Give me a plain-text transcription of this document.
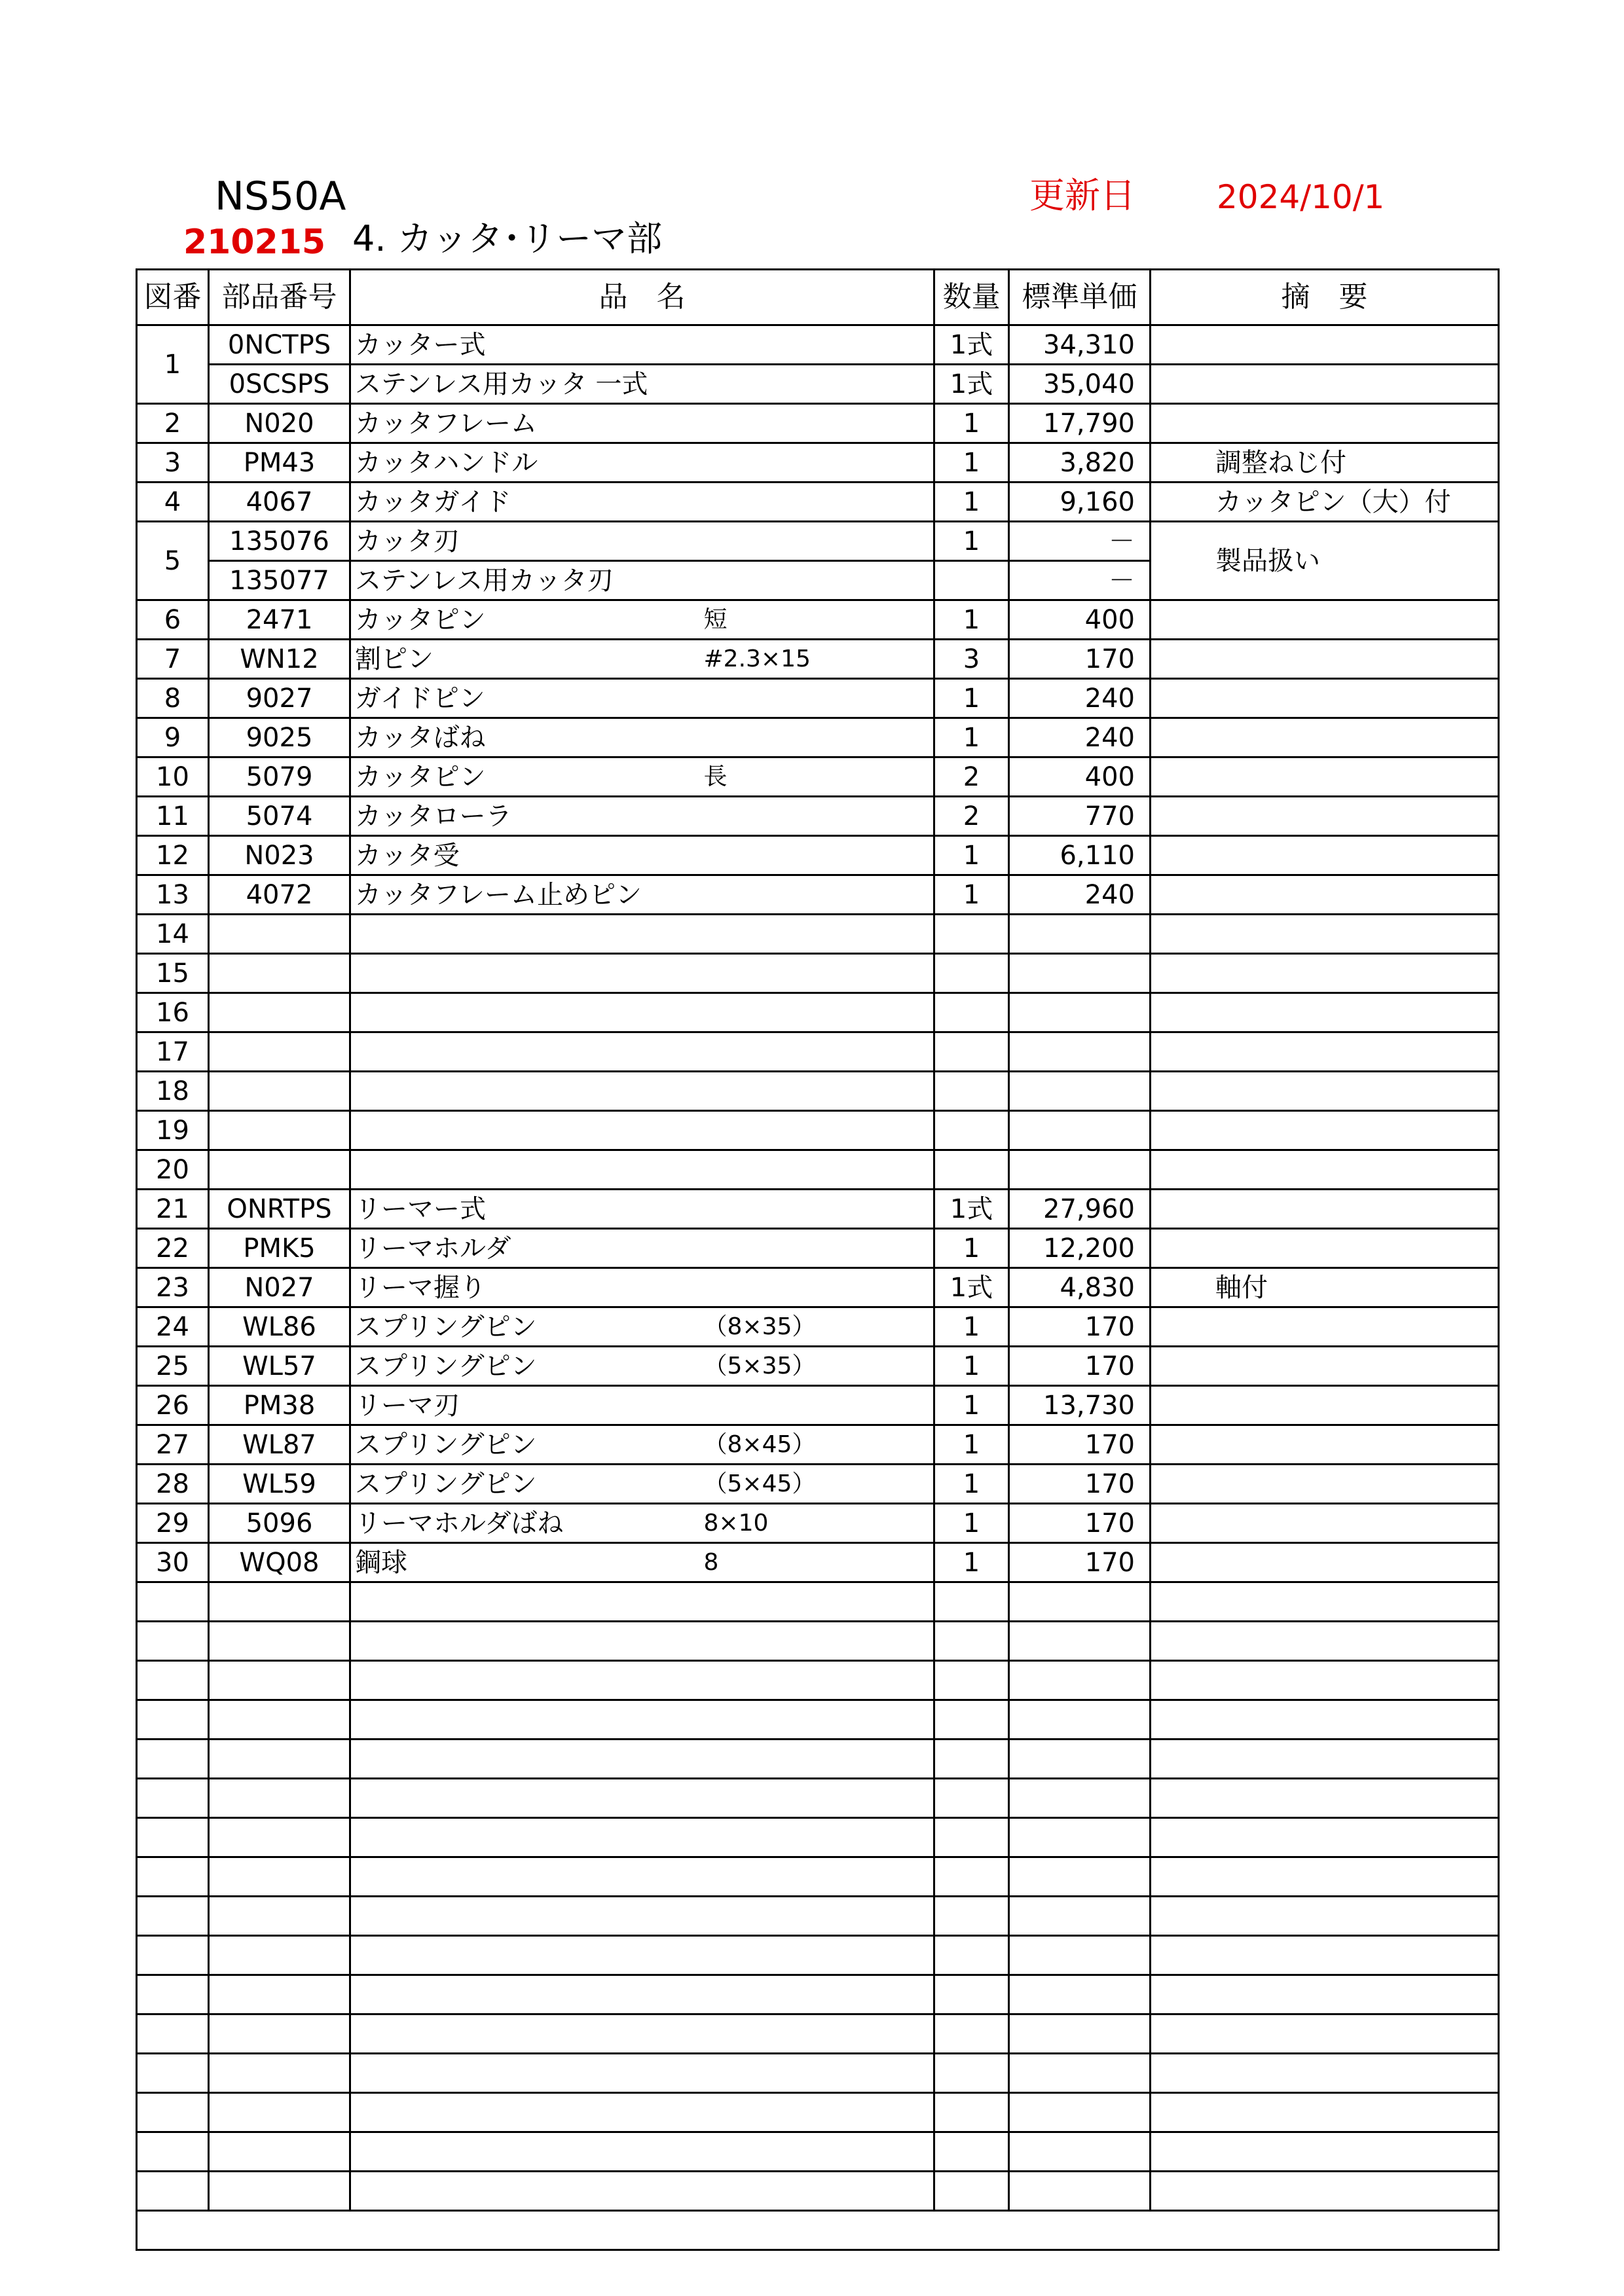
NS50A	更新日 2024/10/1
210215 4. カッタ･リーマ部
図番	部品番号	品　名		数量	標準単価	摘　要
1	0NCTPS	カッター式		1式	34,310	
	0SCSPS	ステンレス用カッタ 一式		1式	35,040	
2	N020	カッタフレーム		1	17,790	
3	PM43	カッタハンドル		1	3,820	調整ねじ付
4	4067	カッタガイド		1	9,160	カッタピン（大）付
5	135076	カッタ刃		1	－	製品扱い
	135077	ステンレス用カッタ刃			－	
6	2471	カッタピン	短	1	400	
7	WN12	割ピン	#2.3×15	3	170	
8	9027	ガイドピン		1	240	
9	9025	カッタばね		1	240	
10	5079	カッタピン	長	2	400	
11	5074	カッタローラ		2	770	
12	N023	カッタ受		1	6,110	
13	4072	カッタフレーム止めピン		1	240	
14						
15						
16						
17						
18						
19						
20						
21	ONRTPS	リーマー式		1式	27,960	
22	PMK5	リーマホルダ		1	12,200	
23	N027	リーマ握り		1式	4,830	軸付
24	WL86	スプリングピン	（8×35）	1	170	
25	WL57	スプリングピン	（5×35）	1	170	
26	PM38	リーマ刃		1	13,730	
27	WL87	スプリングピン	（8×45）	1	170	
28	WL59	スプリングピン	（5×45）	1	170	
29	5096	リーマホルダばね	8×10	1	170	
30	WQ08	鋼球	8	1	170	
